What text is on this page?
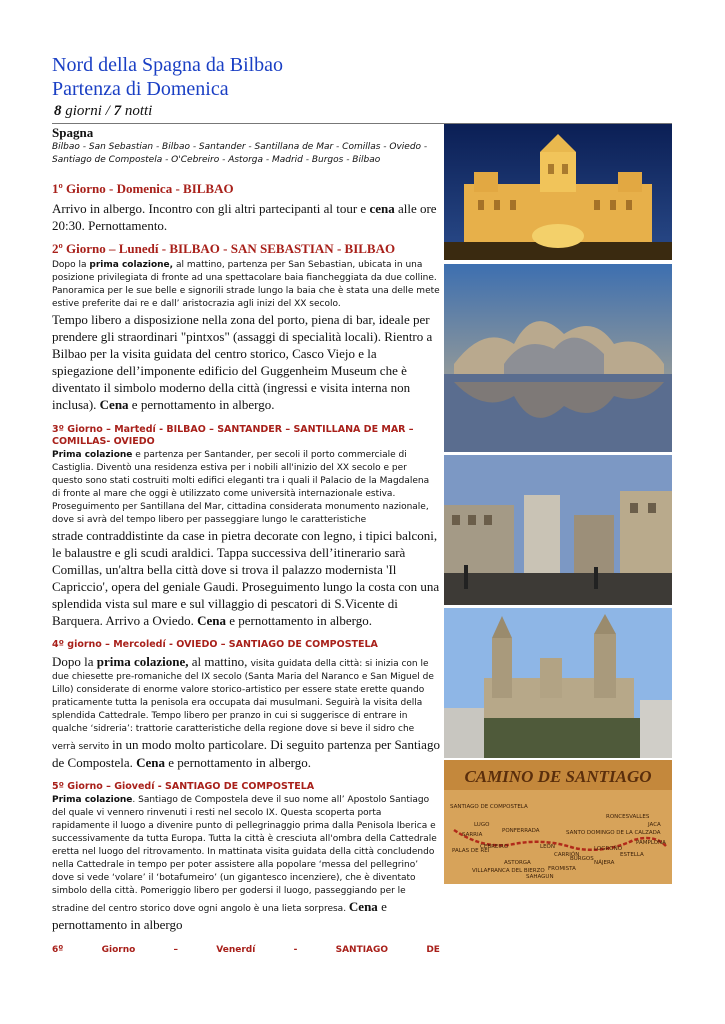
Nord della Spagna da Bilbao
Partenza di Domenica
8 giorni / 7 notti
Spagna
Bilbao - San Sebastian - Bilbao - Santander - Santillana de Mar - Comillas - Oviedo - Santiago de Compostela - O'Cebreiro - Astorga - Madrid - Burgos - Bilbao
1º Giorno - Domenica - BILBAO
Arrivo in albergo. Incontro con gli altri partecipanti al tour e cena alle ore 20:30. Pernottamento.
2º Giorno – Lunedí - BILBAO - SAN SEBASTIAN - BILBAO
Dopo la prima colazione, al mattino, partenza per San Sebastian, ubicata in una posizione privilegiata di fronte ad una spettacolare baia fiancheggiata da due colline. Panoramica per le sue belle e signorili strade lungo la baia che è stata una delle mete estive preferite dai re e dall’ aristocrazia agli inizi del XX secolo.
Tempo libero a disposizione nella zona del porto, piena di bar, ideale per prendere gli straordinari "pintxos" (assaggi di specialità locali). Rientro a Bilbao per la visita guidata del centro storico, Casco Viejo e la spiegazione dell’imponente edificio del Guggenheim Museum che è diventato il simbolo moderno della città (ingressi e visita interna non inclusa). Cena e pernottamento in albergo.
3º Giorno – Martedí - BILBAO – SANTANDER – SANTILLANA DE MAR –COMILLAS- OVIEDO
Prima colazione e partenza per Santander, per secoli il porto commerciale di Castiglia. Diventò una residenza estiva per i nobili all'inizio del XX secolo e per questo sono stati costruiti molti edifici eleganti tra i quali il Palacio de la Magdalena di fronte al mare che oggi è utilizzato come università internazionale estiva. Proseguimento per Santillana del Mar, cittadina considerata monumento nazionale, dove si avrà del tempo libero per passeggiare lungo le caratteristiche
strade contraddistinte da case in pietra decorate con legno, i tipici balconi, le balaustre e gli scudi araldici. Tappa successiva dell’itinerario sarà Comillas, un'altra bella città dove si trova il palazzo modernista 'Il Capriccio', opera del geniale Gaudi. Proseguimento lungo la costa con una splendida vista sul mare e sul villaggio di pescatori di S.Vicente di Barquera. Arrivo a Oviedo. Cena e pernottamento in albergo.
4º giorno – Mercoledí - OVIEDO – SANTIAGO DE COMPOSTELA
Dopo la prima colazione, al mattino, visita guidata della città: si inizia con le due chiesette pre-romaniche del IX secolo (Santa Maria del Naranco e San Miguel de Lillo) considerate di enorme valore storico-artistico per essere state erette quando praticamente tutta la penisola era occupata dai musulmani. Seguirà la visita della splendida Cattedrale. Tempo libero per pranzo in cui si suggerisce di entrare in qualche ‘sidreria’: trattorie caratteristiche della regione dove si beve il sidro che verrà servito in un modo molto particolare. Di seguito partenza per Santiago de Compostela. Cena e pernottamento in albergo.
5º Giorno – Giovedí - SANTIAGO DE COMPOSTELA
Prima colazione. Santiago de Compostela deve il suo nome all’ Apostolo Santiago del quale vi vennero rinvenuti i resti nel secolo IX. Questa scoperta porta rapidamente il luogo a divenire punto di pellegrinaggio prima dalla Penisola Iberica e successivamente da tutta Europa. Tutta la città è cresciuta all'ombra della Cattedrale eretta nel luogo del ritrovamento. In mattinata visita guidata della città concludendo nella Cattedrale in tempo per poter assistere alla popolare ‘messa del pellegrino’ dove si vede ‘volare’ il ‘botafumeiro’ (un gigantesco incenziere), che è diventato simbolo della città. Pomeriggio libero per godersi il luogo, passeggiando per le stradine del centro storico dove ogni angolo è una lieta sorpresa. Cena e pernottamento in albergo
6º	Giorno	–	Venerdí	-	SANTIAGO	DE
CAMINO DE SANTIAGO
SANTIAGO DE COMPOSTELA
LUGO
SARRIA
PONFERRADA
ASTORGA
LEÓN
SANTO DOMINGO DE LA CALZADA
RONCESVALLES
PAMPLONA
PALAS DE REI
CEBREIRO
VILLAFRANCA DEL BIERZO
BURGOS
FROMISTA
SAHAGUN
CARRIÓN
LOGROÑO
ESTELLA
JACA
NÁJERA
